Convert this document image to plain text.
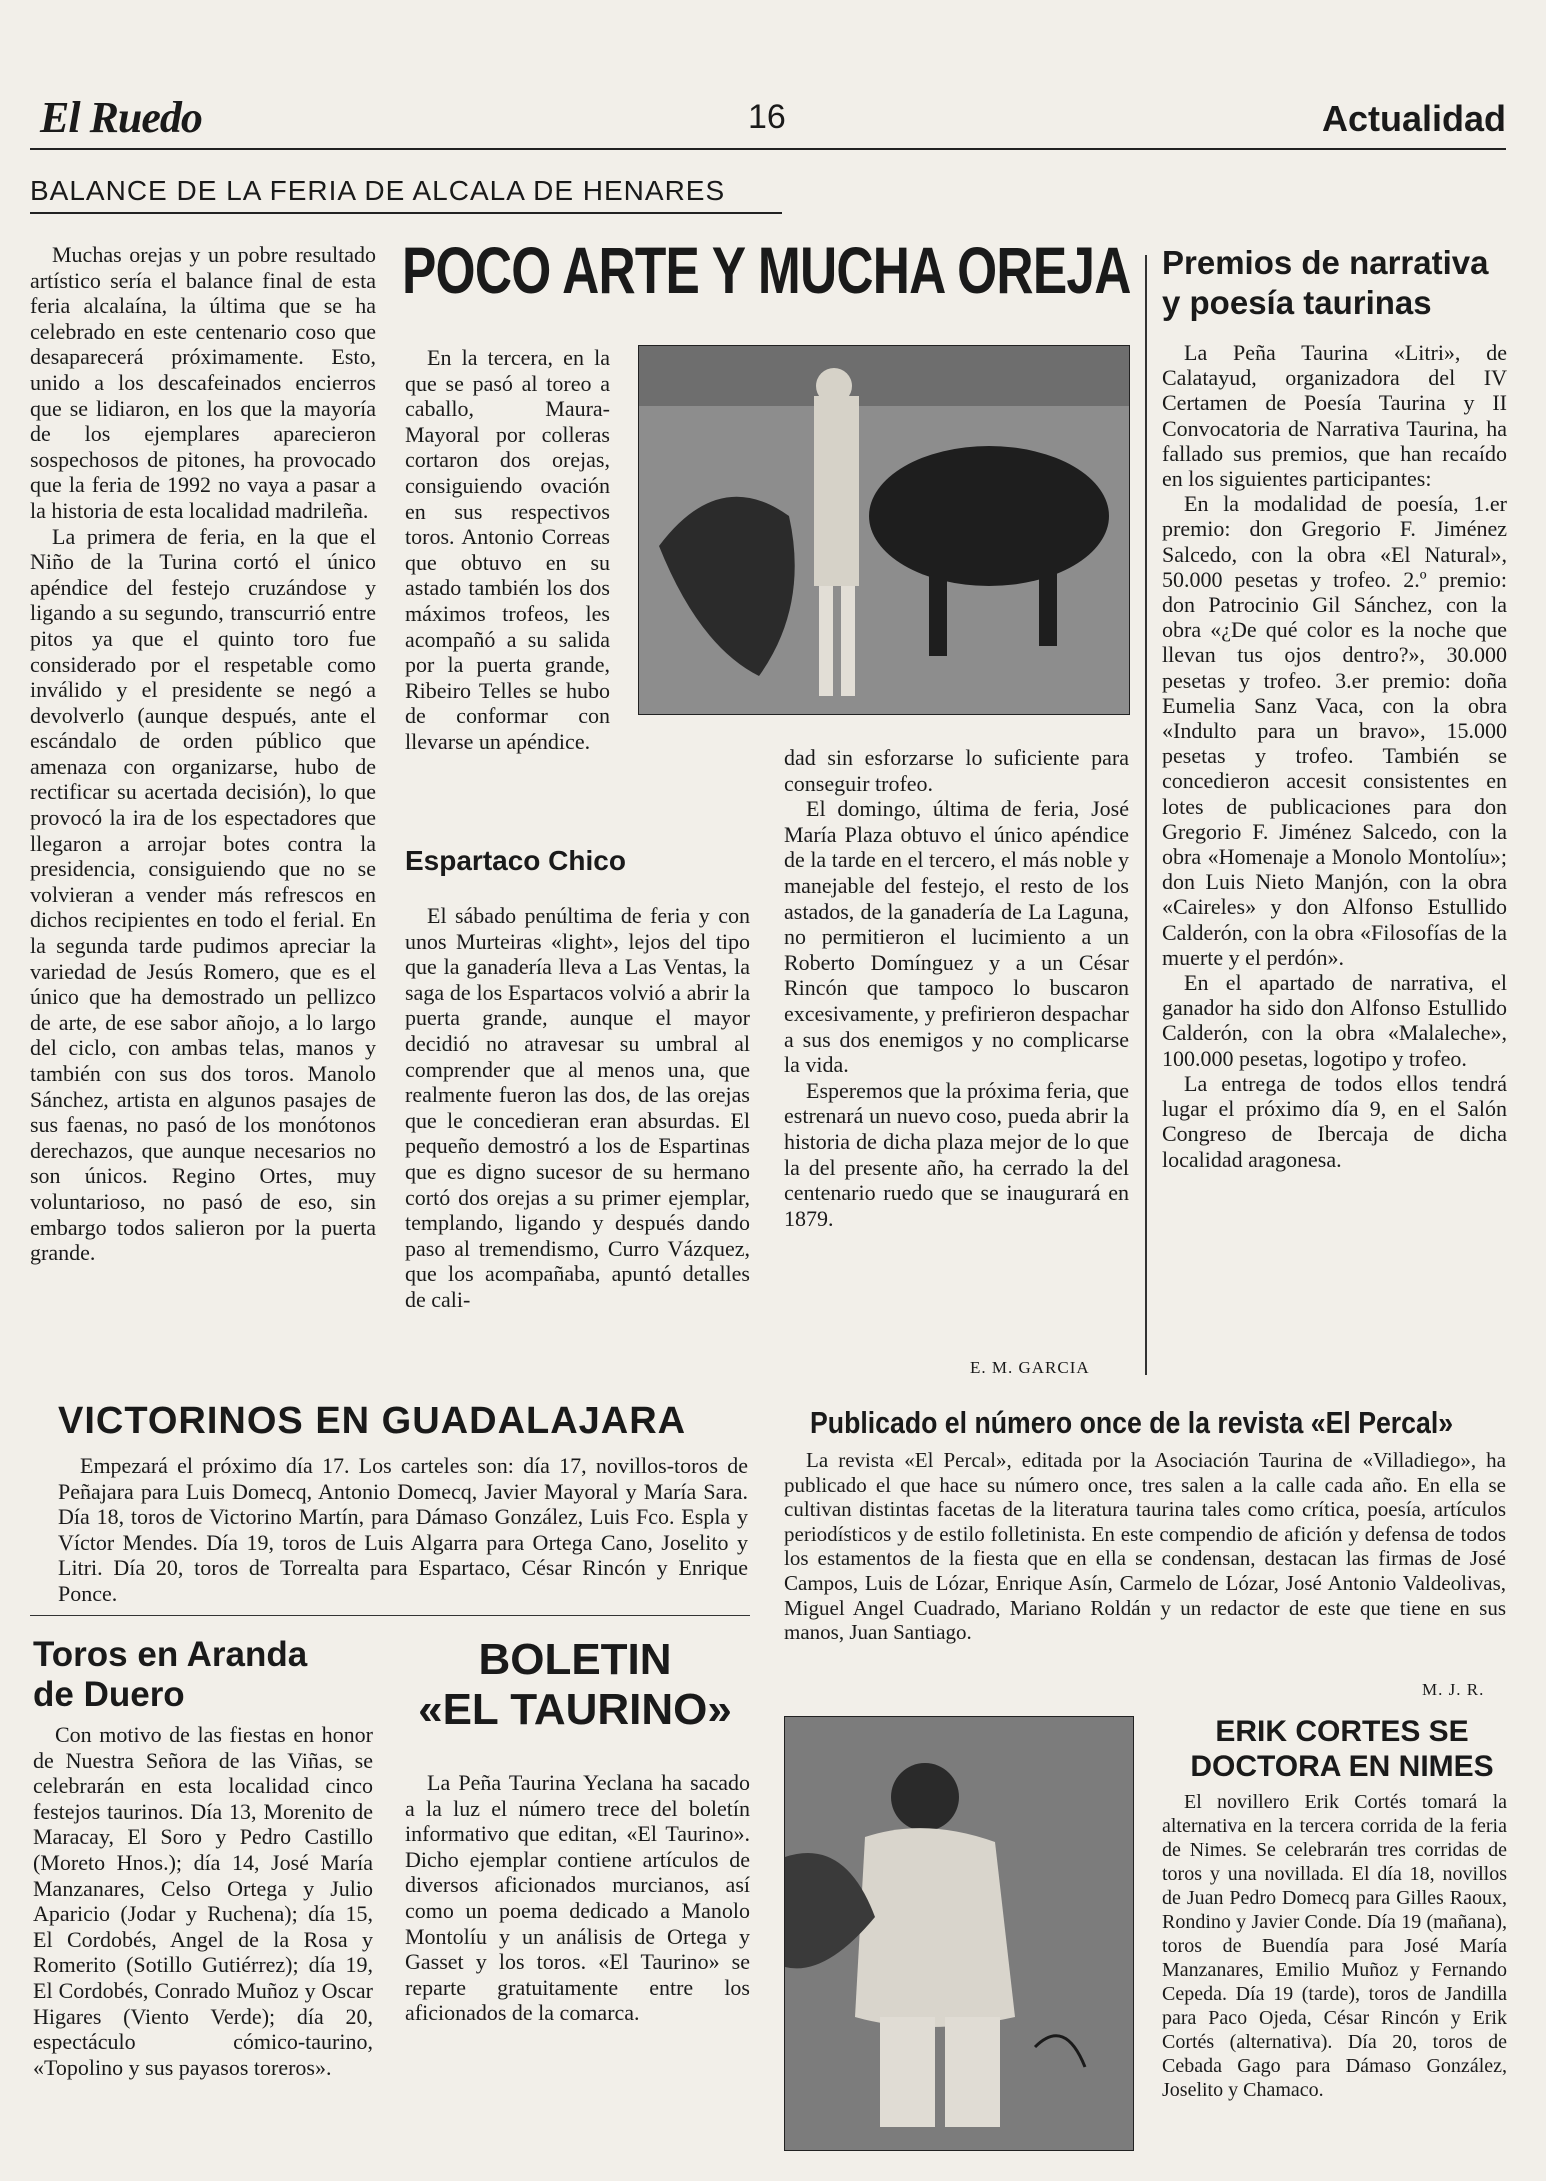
El Ruedo	16	Actualidad
BALANCE DE LA FERIA DE ALCALA DE HENARES
POCO ARTE Y MUCHA OREJA

Muchas orejas y un pobre resultado artístico sería el balance final de esta feria alcalaína, la última que se ha celebrado en este centenario coso que desaparecerá próximamente. Esto, unido a los descafeinados encierros que se lidiaron, en los que la mayoría de los ejemplares aparecieron sospechosos de pitones, ha provocado que la feria de 1992 no vaya a pasar a la historia de esta localidad madrileña.

La primera de feria, en la que el Niño de la Turina cortó el único apéndice del festejo cruzándose y ligando a su segundo, transcurrió entre pitos ya que el quinto toro fue considerado por el respetable como inválido y el presidente se negó a devolverlo (aunque después, ante el escándalo de orden público que amenaza con organizarse, hubo de rectificar su acertada decisión), lo que provocó la ira de los espectadores que llegaron a arrojar botes contra la presidencia, consiguiendo que no se volvieran a vender más refrescos en dichos recipientes en todo el ferial. En la segunda tarde pudimos apreciar la variedad de Jesús Romero, que es el único que ha demostrado un pellizco de arte, de ese sabor añojo, a lo largo del ciclo, con ambas telas, manos y también con sus dos toros. Manolo Sánchez, artista en algunos pasajes de sus faenas, no pasó de los monótonos derechazos, que aunque necesarios no son únicos. Regino Ortes, muy voluntarioso, no pasó de eso, sin embargo todos salieron por la puerta grande.

En la tercera, en la que se pasó al toreo a caballo, Maura-Mayoral por colleras cortaron dos orejas, consiguiendo ovación en sus respectivos toros. Antonio Correas que obtuvo en su astado también los dos máximos trofeos, les acompañó a su salida por la puerta grande, Ribeiro Telles se hubo de conformar con llevarse un apéndice.

Espartaco Chico

El sábado penúltima de feria y con unos Murteiras «light», lejos del tipo que la ganadería lleva a Las Ventas, la saga de los Espartacos volvió a abrir la puerta grande, aunque el mayor decidió no atravesar su umbral al comprender que al menos una, que realmente fueron las dos, de las orejas que le concedieran eran absurdas. El pequeño demostró a los de Espartinas que es digno sucesor de su hermano cortó dos orejas a su primer ejemplar, templando, ligando y después dando paso al tremendismo, Curro Vázquez, que los acompañaba, apuntó detalles de cali-

dad sin esforzarse lo suficiente para conseguir trofeo.

El domingo, última de feria, José María Plaza obtuvo el único apéndice de la tarde en el tercero, el más noble y manejable del festejo, el resto de los astados, de la ganadería de La Laguna, no permitieron el lucimiento a un Roberto Domínguez y a un César Rincón que tampoco lo buscaron excesivamente, y prefirieron despachar a sus dos enemigos y no complicarse la vida.

Esperemos que la próxima feria, que estrenará un nuevo coso, pueda abrir la historia de dicha plaza mejor de lo que la del presente año, ha cerrado la del centenario ruedo que se inaugurará en 1879.

E. M. GARCIA
Premios de narrativa
y poesía taurinas

La Peña Taurina «Litri», de Calatayud, organizadora del IV Certamen de Poesía Taurina y II Convocatoria de Narrativa Taurina, ha fallado sus premios, que han recaído en los siguientes participantes:

En la modalidad de poesía, 1.er premio: don Gregorio F. Jiménez Salcedo, con la obra «El Natural», 50.000 pesetas y trofeo. 2.º premio: don Patrocinio Gil Sánchez, con la obra «¿De qué color es la noche que llevan tus ojos dentro?», 30.000 pesetas y trofeo. 3.er premio: doña Eumelia Sanz Vaca, con la obra «Indulto para un bravo», 15.000 pesetas y trofeo. También se concedieron accesit consistentes en lotes de publicaciones para don Gregorio F. Jiménez Salcedo, con la obra «Homenaje a Monolo Montolíu»; don Luis Nieto Manjón, con la obra «Caireles» y don Alfonso Estullido Calderón, con la obra «Filosofías de la muerte y el perdón».

En el apartado de narrativa, el ganador ha sido don Alfonso Estullido Calderón, con la obra «Malaleche», 100.000 pesetas, logotipo y trofeo.

La entrega de todos ellos tendrá lugar el próximo día 9, en el Salón Congreso de Ibercaja de dicha localidad aragonesa.

VICTORINOS EN GUADALAJARA

Empezará el próximo día 17. Los carteles son: día 17, novillos-toros de Peñajara para Luis Domecq, Antonio Domecq, Javier Mayoral y María Sara. Día 18, toros de Victorino Martín, para Dámaso González, Luis Fco. Espla y Víctor Mendes. Día 19, toros de Luis Algarra para Ortega Cano, Joselito y Litri. Día 20, toros de Torrealta para Espartaco, César Rincón y Enrique Ponce.

Publicado el número once de la revista «El Percal»

La revista «El Percal», editada por la Asociación Taurina de «Villadiego», ha publicado el que hace su número once, tres salen a la calle cada año. En ella se cultivan distintas facetas de la literatura taurina tales como crítica, poesía, artículos periodísticos y de estilo folletinista. En este compendio de afición y defensa de todos los estamentos de la fiesta que en ella se condensan, destacan las firmas de José Campos, Luis de Lózar, Enrique Asín, Carmelo de Lózar, José Antonio Valdeolivas, Miguel Angel Cuadrado, Mariano Roldán y un redactor de este que tiene en sus manos, Juan Santiago.

M. J. R.
Toros en Aranda
de Duero

Con motivo de las fiestas en honor de Nuestra Señora de las Viñas, se celebrarán en esta localidad cinco festejos taurinos. Día 13, Morenito de Maracay, El Soro y Pedro Castillo (Moreto Hnos.); día 14, José María Manzanares, Celso Ortega y Julio Aparicio (Jodar y Ruchena); día 15, El Cordobés, Angel de la Rosa y Romerito (Sotillo Gutiérrez); día 19, El Cordobés, Conrado Muñoz y Oscar Higares (Viento Verde); día 20, espectáculo cómico-taurino, «Topolino y sus payasos toreros».

BOLETIN
«EL TAURINO»

La Peña Taurina Yeclana ha sacado a la luz el número trece del boletín informativo que editan, «El Taurino». Dicho ejemplar contiene artículos de diversos aficionados murcianos, así como un poema dedicado a Manolo Montolíu y un análisis de Ortega y Gasset y los toros. «El Taurino» se reparte gratuitamente entre los aficionados de la comarca.

ERIK CORTES SE
DOCTORA EN NIMES

El novillero Erik Cortés tomará la alternativa en la tercera corrida de la feria de Nimes. Se celebrarán tres corridas de toros y una novillada. El día 18, novillos de Juan Pedro Domecq para Gilles Raoux, Rondino y Javier Conde. Día 19 (mañana), toros de Buendía para José María Manzanares, Emilio Muñoz y Fernando Cepeda. Día 19 (tarde), toros de Jandilla para Paco Ojeda, César Rincón y Erik Cortés (alternativa). Día 20, toros de Cebada Gago para Dámaso González, Joselito y Chamaco.
